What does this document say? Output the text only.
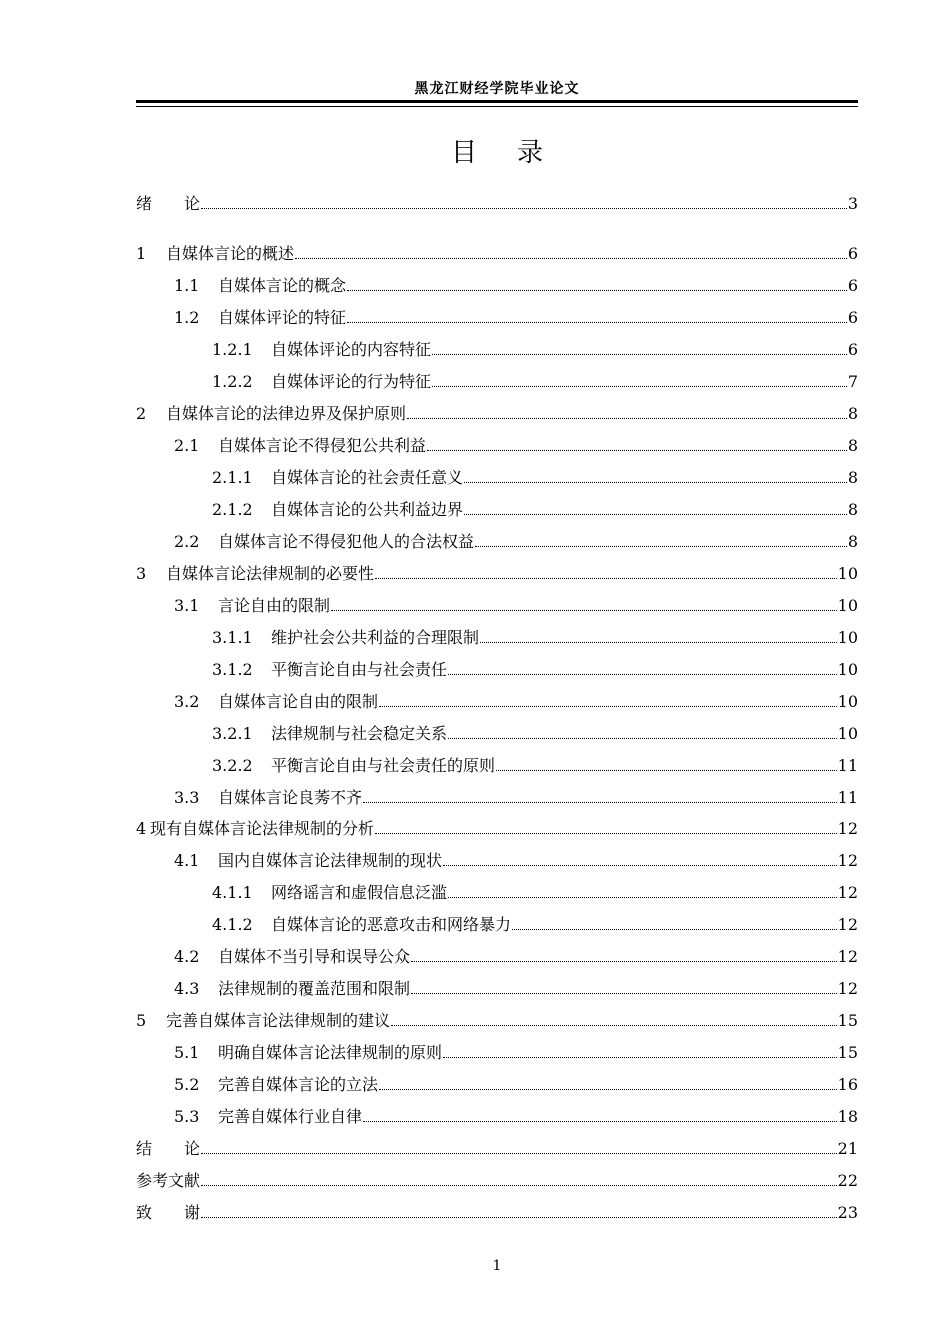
黑龙江财经学院毕业论文
目录
绪　　论	3
1 自媒体言论的概述	6
1.1 自媒体言论的概念	6
1.2 自媒体评论的特征	6
1.2.1 自媒体评论的内容特征	6
1.2.2 自媒体评论的行为特征	7
2 自媒体言论的法律边界及保护原则	8
2.1 自媒体言论不得侵犯公共利益	8
2.1.1 自媒体言论的社会责任意义	8
2.1.2 自媒体言论的公共利益边界	8
2.2 自媒体言论不得侵犯他人的合法权益	8
3 自媒体言论法律规制的必要性	10
3.1 言论自由的限制	10
3.1.1 维护社会公共利益的合理限制	10
3.1.2 平衡言论自由与社会责任	10
3.2 自媒体言论自由的限制	10
3.2.1 法律规制与社会稳定关系	10
3.2.2 平衡言论自由与社会责任的原则	11
3.3 自媒体言论良莠不齐	11
4 现有自媒体言论法律规制的分析	12
4.1 国内自媒体言论法律规制的现状	12
4.1.1 网络谣言和虚假信息泛滥	12
4.1.2 自媒体言论的恶意攻击和网络暴力	12
4.2 自媒体不当引导和误导公众	12
4.3 法律规制的覆盖范围和限制	12
5 完善自媒体言论法律规制的建议	15
5.1 明确自媒体言论法律规制的原则	15
5.2 完善自媒体言论的立法	16
5.3 完善自媒体行业自律	18
结　　论	21
参考文献	22
致　　谢	23
1
